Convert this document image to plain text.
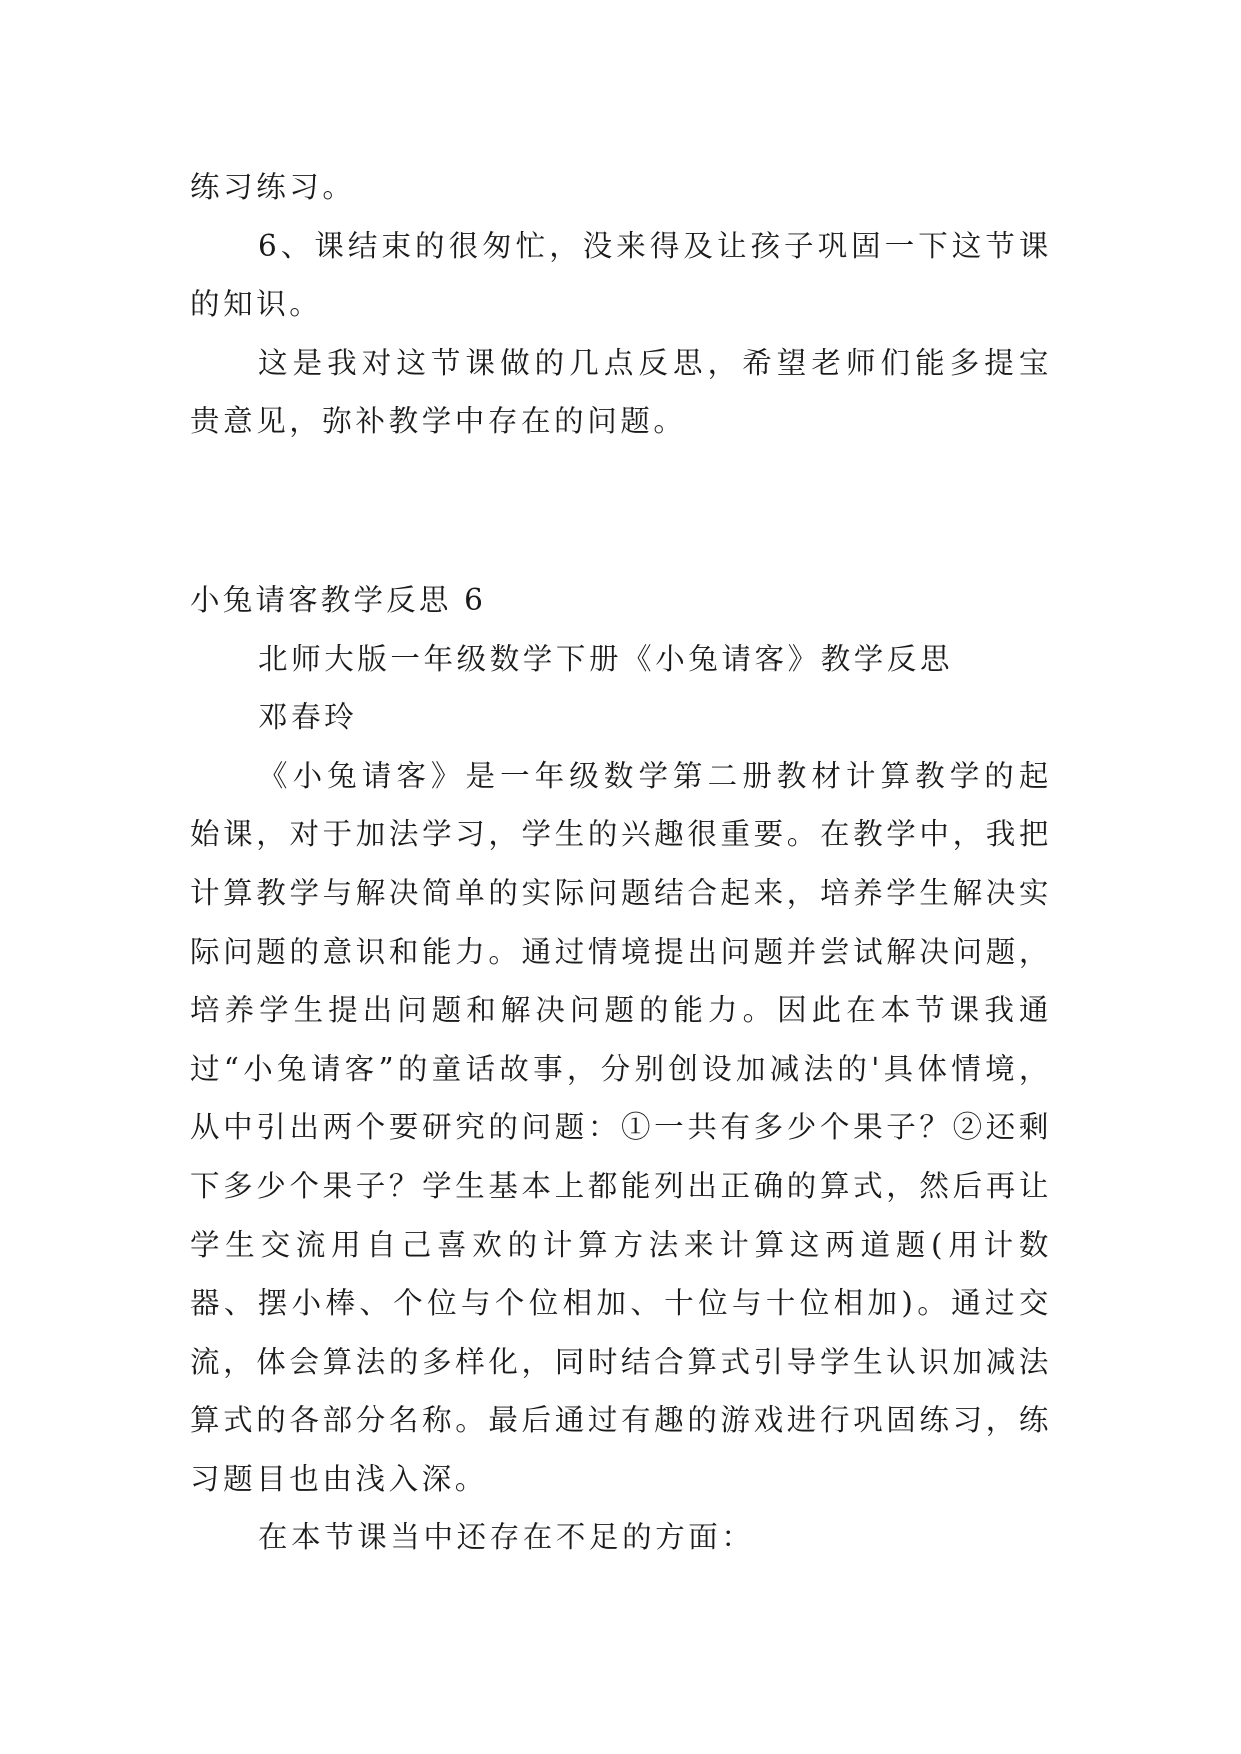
练习练习。

6、课结束的很匆忙，没来得及让孩子巩固一下这节课的知识。

这是我对这节课做的几点反思，希望老师们能多提宝贵意见，弥补教学中存在的问题。

小兔请客教学反思 6

北师大版一年级数学下册《小兔请客》教学反思

邓春玲

《小兔请客》是一年级数学第二册教材计算教学的起始课，对于加法学习，学生的兴趣很重要。在教学中，我把计算教学与解决简单的实际问题结合起来，培养学生解决实际问题的意识和能力。通过情境提出问题并尝试解决问题，培养学生提出问题和解决问题的能力。因此在本节课我通过“小兔请客”的童话故事，分别创设加减法的'具体情境，从中引出两个要研究的问题：①一共有多少个果子？②还剩下多少个果子？学生基本上都能列出正确的算式，然后再让学生交流用自己喜欢的计算方法来计算这两道题(用计数器、摆小棒、个位与个位相加、十位与十位相加)。通过交流，体会算法的多样化，同时结合算式引导学生认识加减法算式的各部分名称。最后通过有趣的游戏进行巩固练习，练习题目也由浅入深。

在本节课当中还存在不足的方面：
